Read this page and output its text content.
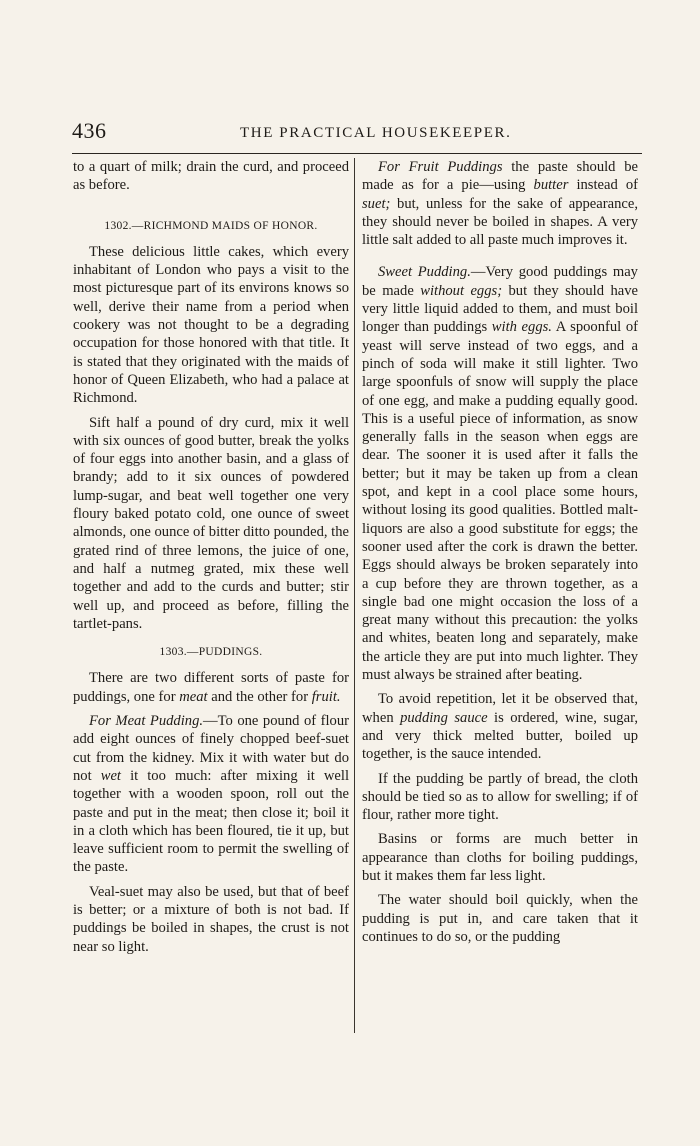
436	THE PRACTICAL HOUSEKEEPER.

to a quart of milk; drain the curd, and proceed as before.

1302.—RICHMOND MAIDS OF HONOR.

These delicious little cakes, which every inhabitant of London who pays a visit to the most picturesque part of its environs knows so well, derive their name from a period when cookery was not thought to be a degrading occupation for those honored with that title. It is stated that they originated with the maids of honor of Queen Elizabeth, who had a palace at Richmond.

Sift half a pound of dry curd, mix it well with six ounces of good butter, break the yolks of four eggs into another basin, and a glass of brandy; add to it six ounces of powdered lump-sugar, and beat well together one very floury baked potato cold, one ounce of sweet almonds, one ounce of bitter ditto pounded, the grated rind of three lemons, the juice of one, and half a nutmeg grated, mix these well together and add to the curds and butter; stir well up, and proceed as before, filling the tartlet-pans.

1303.—PUDDINGS.

There are two different sorts of paste for puddings, one for meat and the other for fruit.

For Meat Pudding.—To one pound of flour add eight ounces of finely chopped beef-suet cut from the kidney. Mix it with water but do not wet it too much: after mixing it well together with a wooden spoon, roll out the paste and put in the meat; then close it; boil it in a cloth which has been floured, tie it up, but leave sufficient room to permit the swelling of the paste.

Veal-suet may also be used, but that of beef is better; or a mixture of both is not bad. If puddings be boiled in shapes, the crust is not near so light.

For Fruit Puddings the paste should be made as for a pie—using butter instead of suet; but, unless for the sake of appearance, they should never be boiled in shapes. A very little salt added to all paste much improves it.

Sweet Pudding.—Very good puddings may be made without eggs; but they should have very little liquid added to them, and must boil longer than puddings with eggs. A spoonful of yeast will serve instead of two eggs, and a pinch of soda will make it still lighter. Two large spoonfuls of snow will supply the place of one egg, and make a pudding equally good. This is a useful piece of information, as snow generally falls in the season when eggs are dear. The sooner it is used after it falls the better; but it may be taken up from a clean spot, and kept in a cool place some hours, without losing its good qualities. Bottled malt-liquors are also a good substitute for eggs; the sooner used after the cork is drawn the better. Eggs should always be broken separately into a cup before they are thrown together, as a single bad one might occasion the loss of a great many without this precaution: the yolks and whites, beaten long and separately, make the article they are put into much lighter. They must always be strained after beating.

To avoid repetition, let it be observed that, when pudding sauce is ordered, wine, sugar, and very thick melted butter, boiled up together, is the sauce intended.

If the pudding be partly of bread, the cloth should be tied so as to allow for swelling; if of flour, rather more tight.

Basins or forms are much better in appearance than cloths for boiling puddings, but it makes them far less light.

The water should boil quickly, when the pudding is put in, and care taken that it continues to do so, or the pudding
